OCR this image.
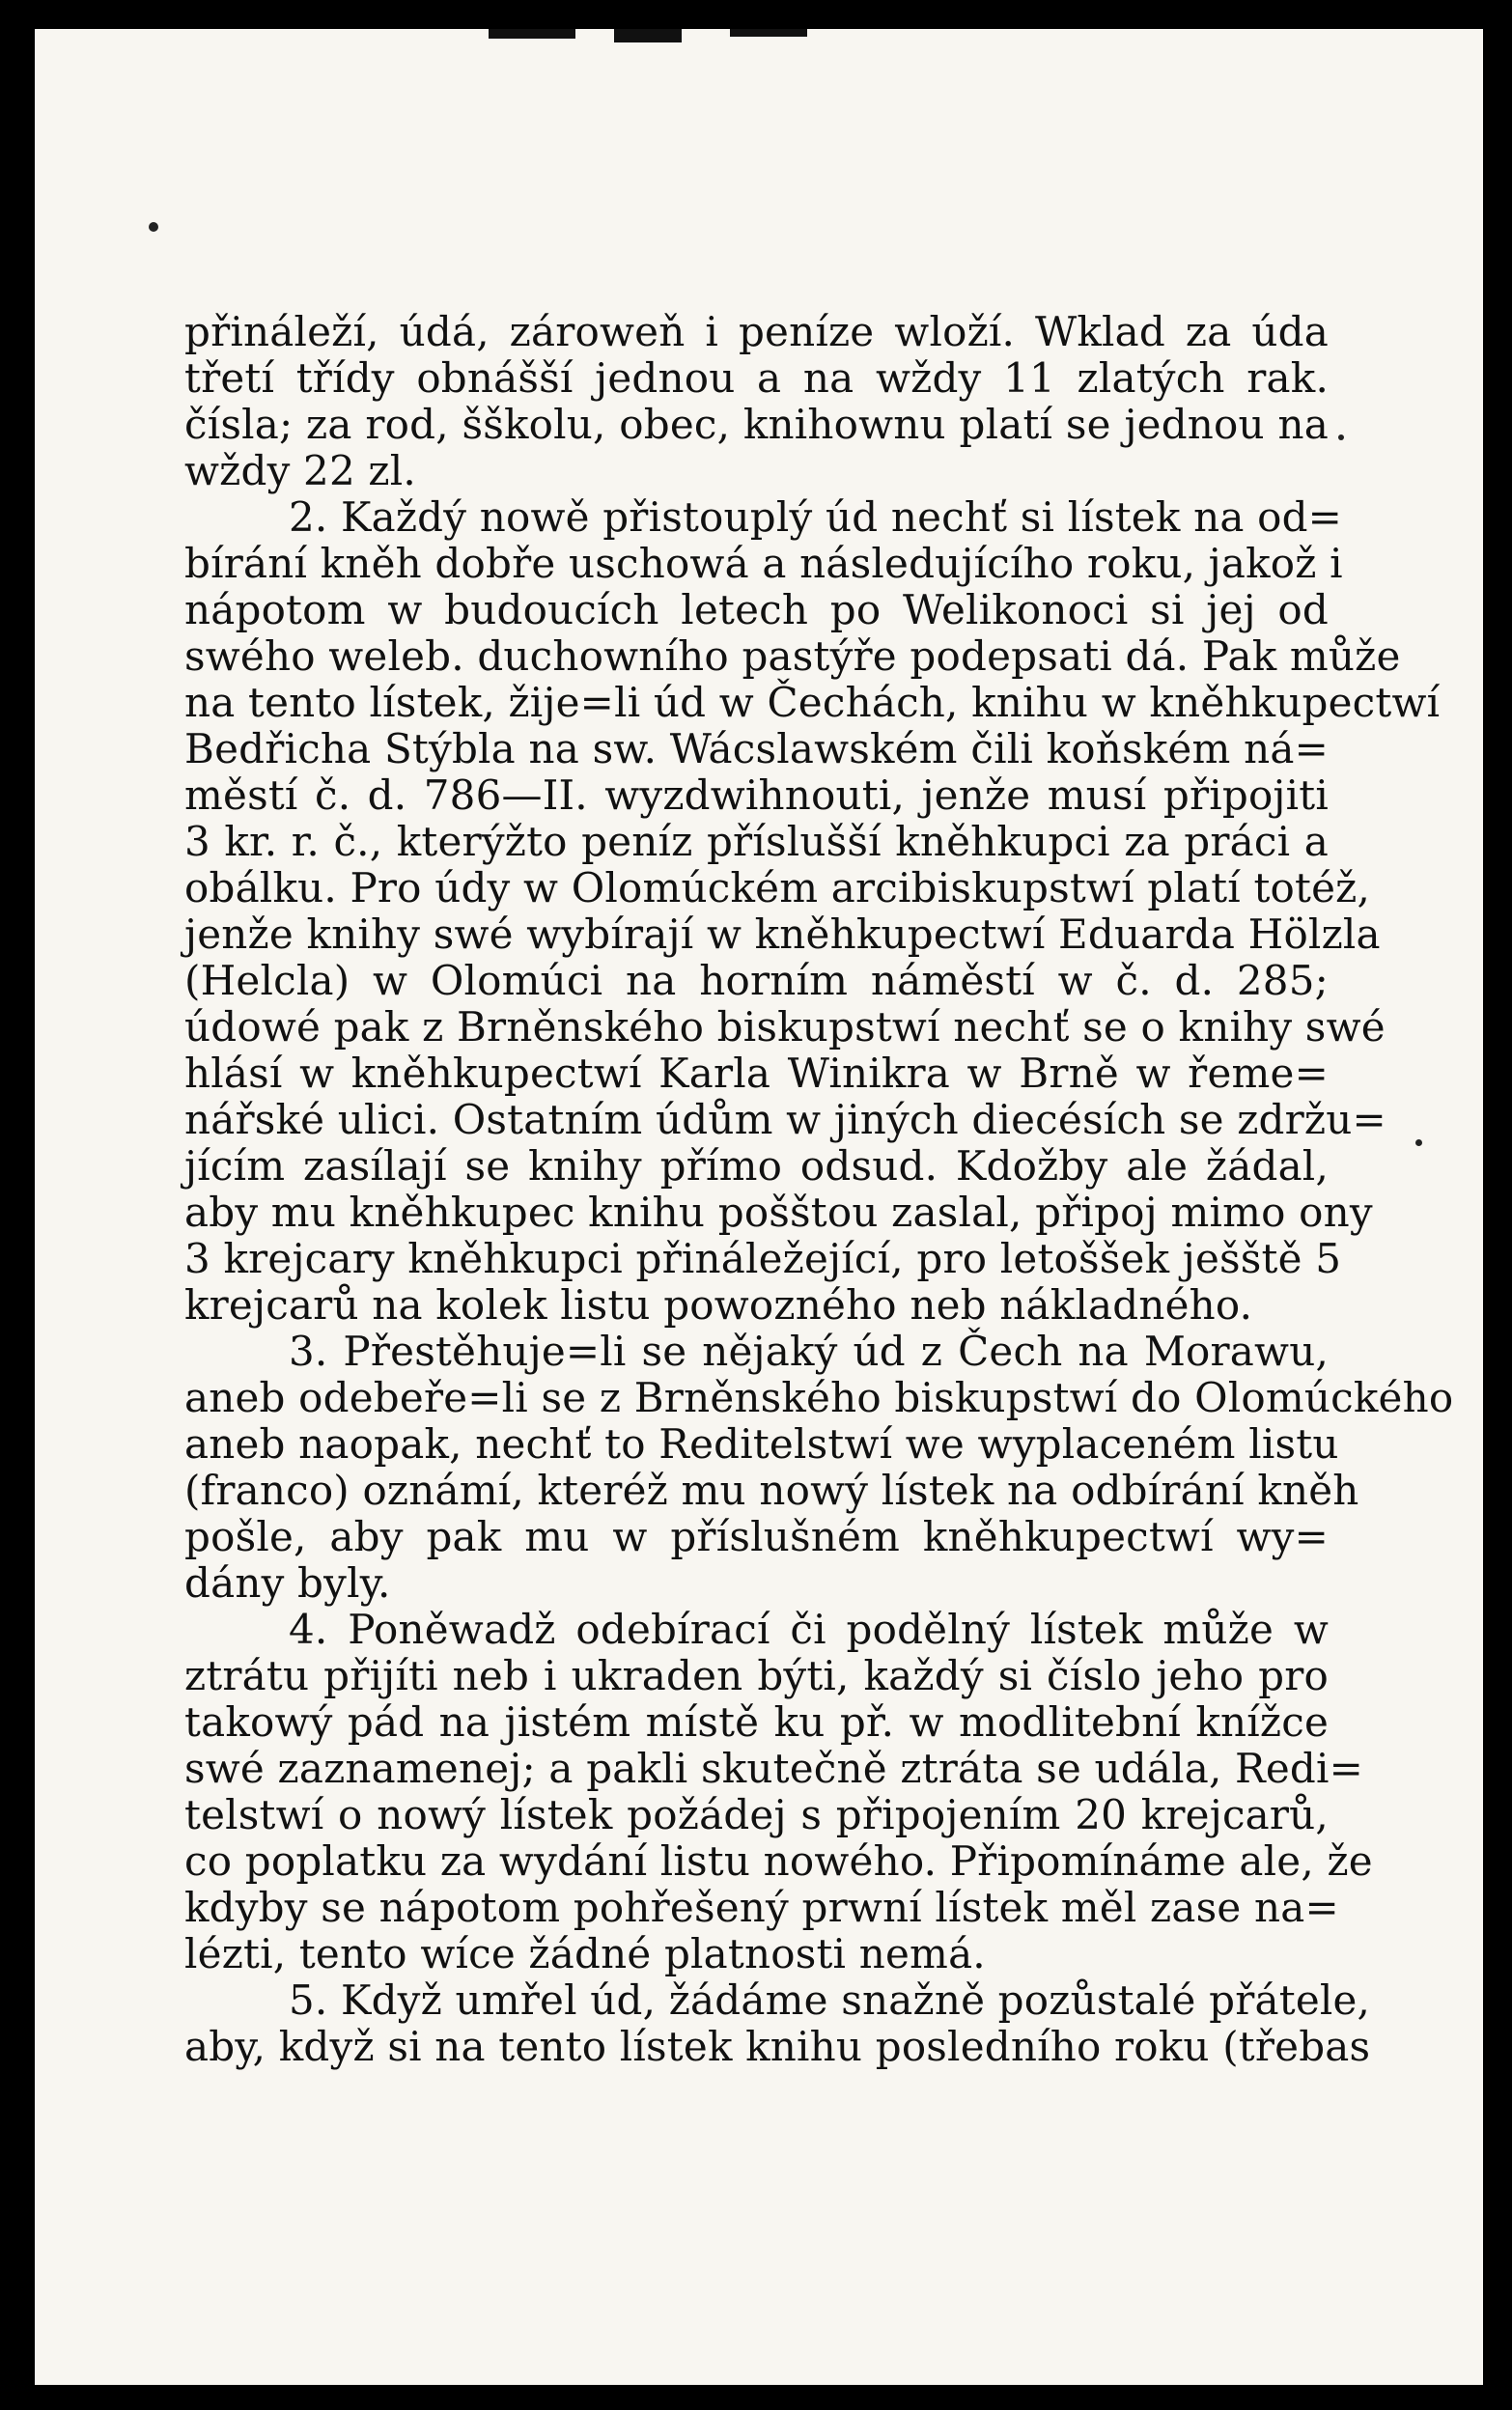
přináleží, údá, zároweň i peníze wloží. Wklad za úda
třetí třídy obnášší jednou a na wždy 11 zlatých rak.
čísla; za rod, šškolu, obec, knihownu platí se jednou na
wždy 22 zl.
2. Každý nowě přistouplý úd nechť si lístek na od=
bírání kněh dobře uschowá a následujícího roku, jakož i
nápotom w budoucích letech po Welikonoci si jej od
swého weleb. duchowního pastýře podepsati dá. Pak může
na tento lístek, žije=li úd w Čechách, knihu w kněhkupectwí
Bedřicha Stýbla na sw. Wácslawském čili koňském ná=
městí č. d. 786—II. wyzdwihnouti, jenže musí připojiti
3 kr. r. č., kterýžto peníz příslušší kněhkupci za práci a
obálku. Pro údy w Olomúckém arcibiskupstwí platí totéž,
jenže knihy swé wybírají w kněhkupectwí Eduarda Hölzla
(Helcla) w Olomúci na horním náměstí w č. d. 285;
údowé pak z Brněnského biskupstwí nechť se o knihy swé
hlásí w kněhkupectwí Karla Winikra w Brně w řeme=
nářské ulici. Ostatním údům w jiných diecésích se zdržu=
jícím zasílají se knihy přímo odsud. Kdožby ale žádal,
aby mu kněhkupec knihu pošštou zaslal, připoj mimo ony
3 krejcary kněhkupci přináležející, pro letoššek ješště 5
krejcarů na kolek listu powozného neb nákladného.
3. Přestěhuje=li se nějaký úd z Čech na Morawu,
aneb odebeře=li se z Brněnského biskupstwí do Olomúckého
aneb naopak, nechť to Reditelstwí we wyplaceném listu
(franco) oznámí, kteréž mu nowý lístek na odbírání kněh
pošle, aby pak mu w příslušném kněhkupectwí wy=
dány byly.
4. Poněwadž odebírací či podělný lístek může w
ztrátu přijíti neb i ukraden býti, každý si číslo jeho pro
takowý pád na jistém místě ku př. w modlitební knížce
swé zaznamenej; a pakli skutečně ztráta se udála, Redi=
telstwí o nowý lístek požádej s připojením 20 krejcarů,
co poplatku za wydání listu nowého. Připomínáme ale, že
kdyby se nápotom pohřešený prwní lístek měl zase na=
lézti, tento wíce žádné platnosti nemá.
5. Když umřel úd, žádáme snažně pozůstalé přátele,
aby, když si na tento lístek knihu posledního roku (třebas
